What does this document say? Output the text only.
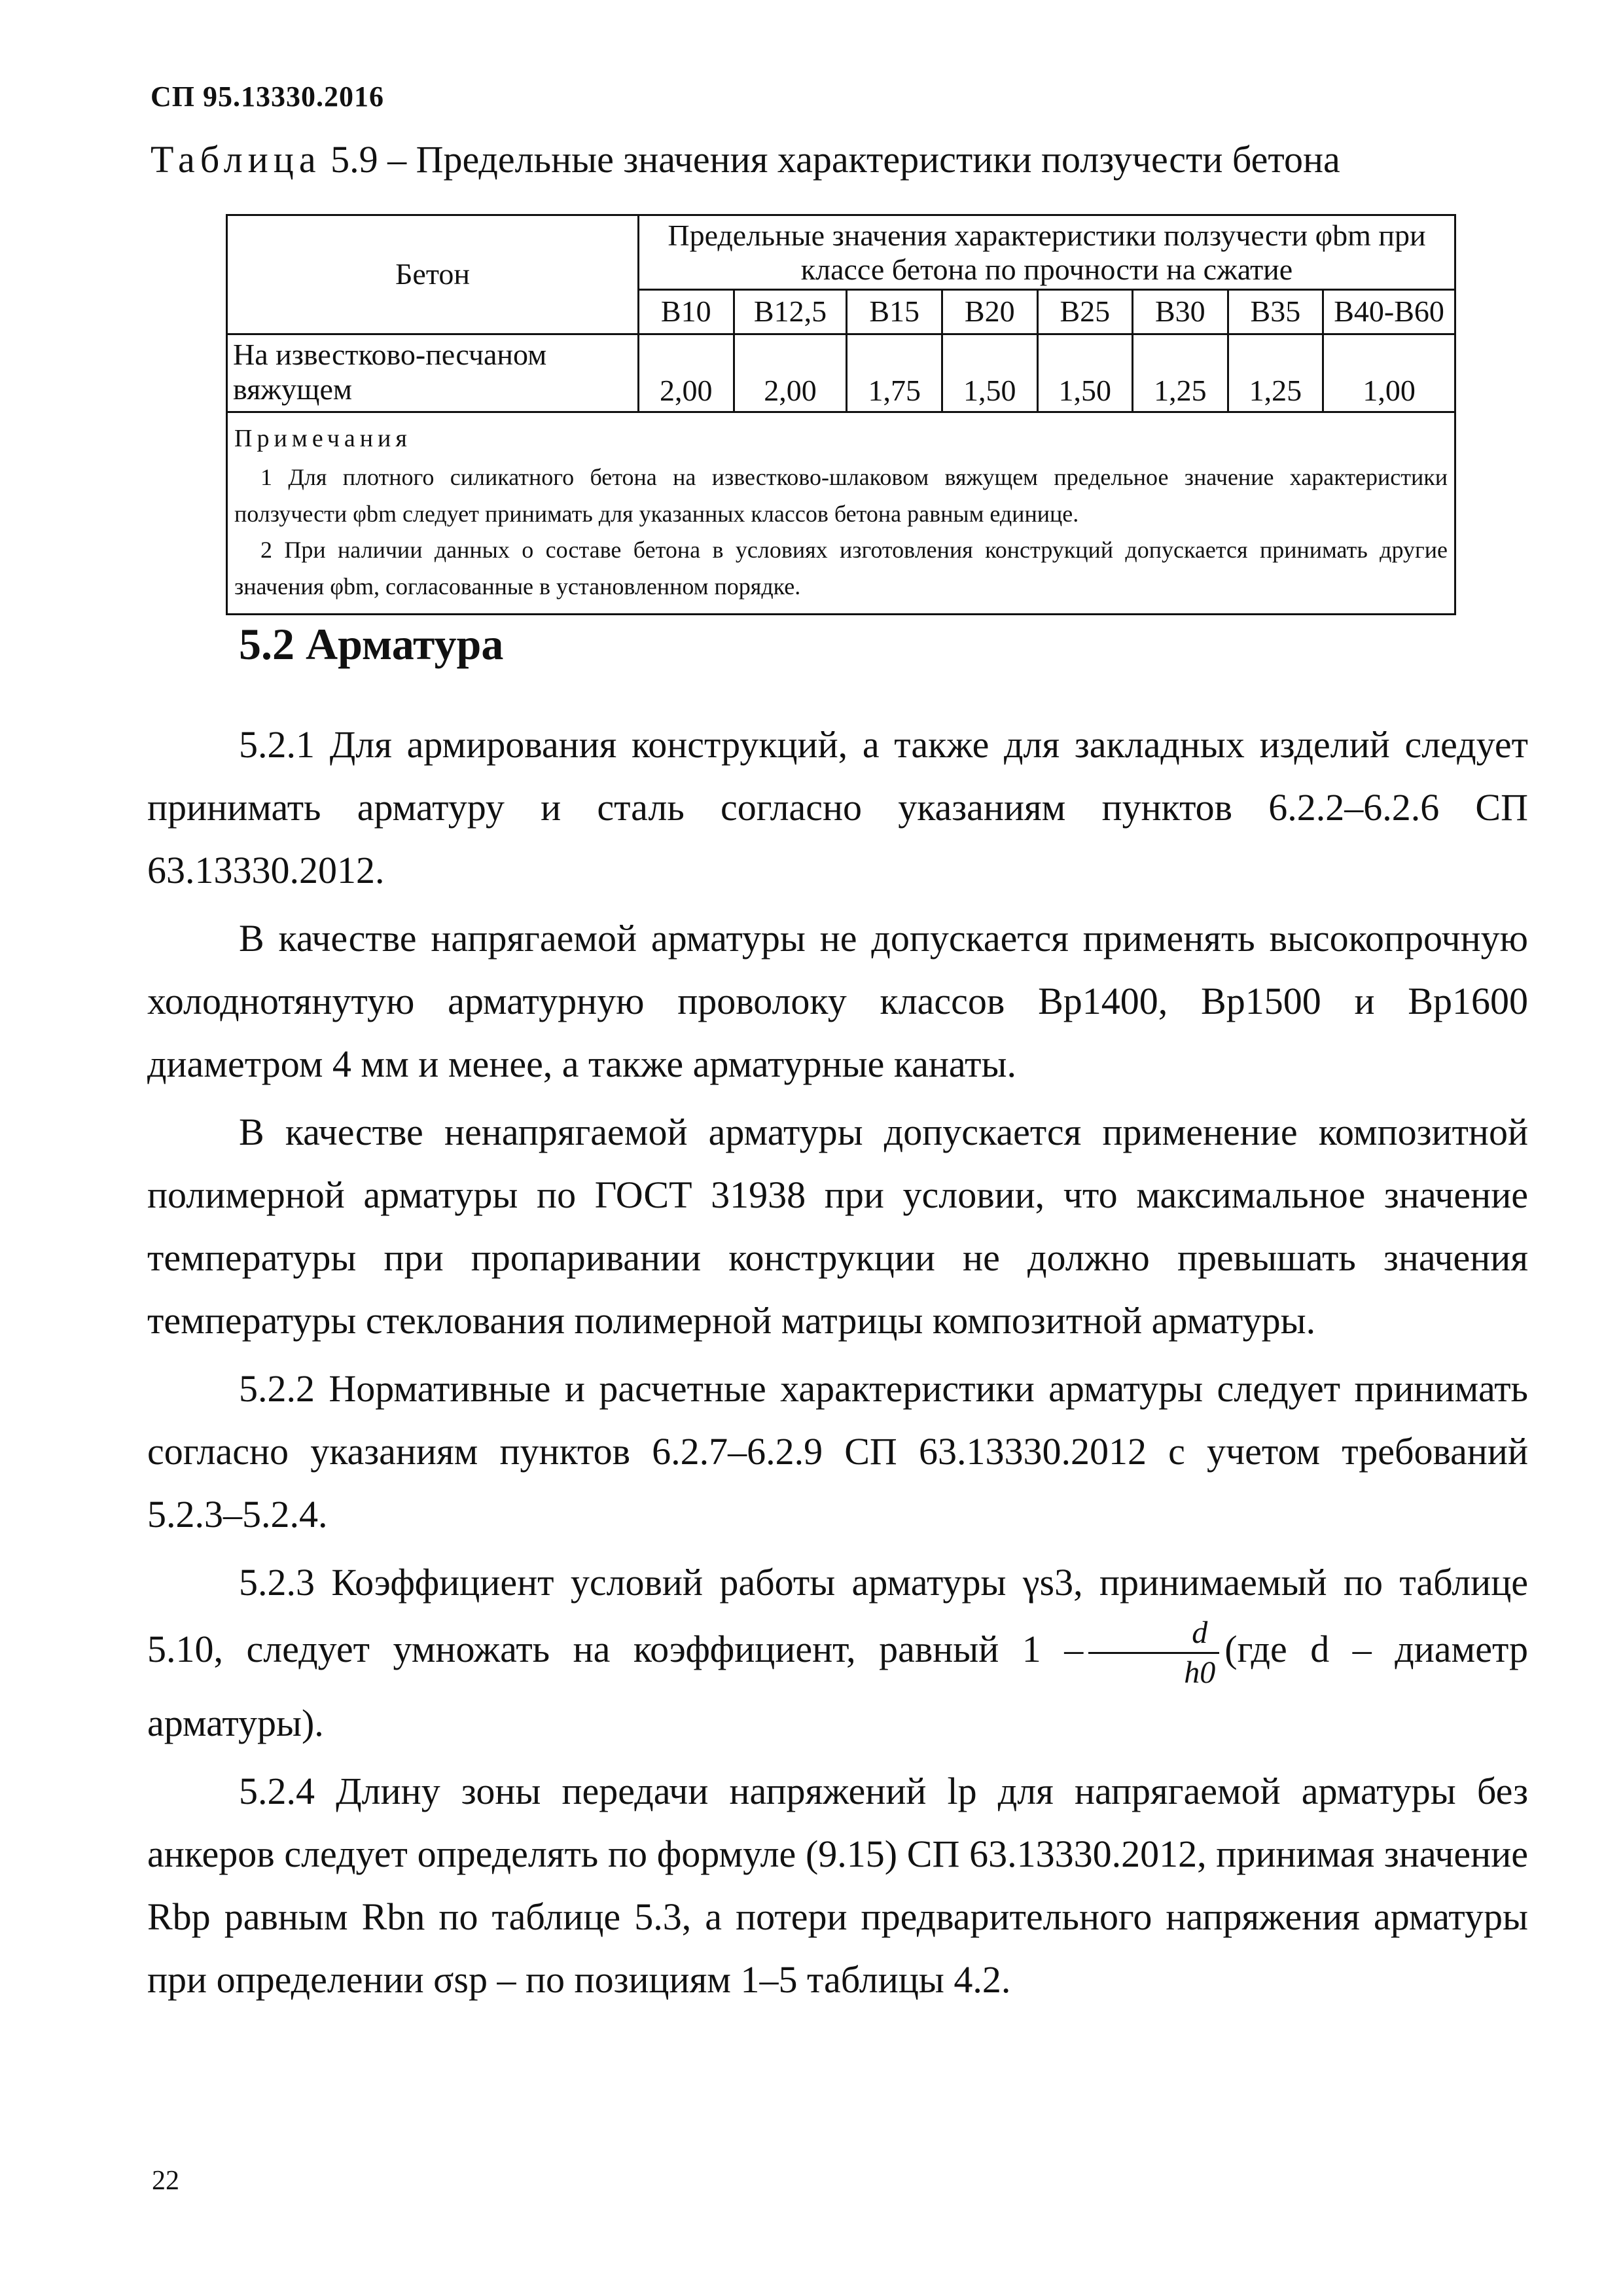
СП 95.13330.2016
Таблица 5.9 – Предельные значения характеристики ползучести бетона
Бетон	Предельные значения характеристики ползучести φbm при классе бетона по прочности на сжатие							
	В10	В12,5	В15	В20	В25	В30	В35	В40-В60
На известково-песчаном вяжущем	2,00	2,00	1,75	1,50	1,50	1,25	1,25	1,00

Примечания
1 Для плотного силикатного бетона на известково-шлаковом вяжущем предельное значение характеристики ползучести φbm следует принимать для указанных классов бетона равным единице.
2 При наличии данных о составе бетона в условиях изготовления конструкций допускается принимать другие значения φbm, согласованные в установленном порядке.								
5.2 Арматура

5.2.1 Для армирования конструкций, а также для закладных изделий следует принимать арматуру и сталь согласно указаниям пунктов 6.2.2–6.2.6 СП 63.13330.2012.

В качестве напрягаемой арматуры не допускается применять высокопрочную холоднотянутую арматурную проволоку классов Вр1400, Вр1500 и Вр1600 диаметром 4 мм и менее, а также арматурные канаты.

В качестве ненапрягаемой арматуры допускается применение композитной полимерной арматуры по ГОСТ 31938 при условии, что максимальное значение температуры при пропаривании конструкции не должно превышать значения температуры стеклования полимерной матрицы композитной арматуры.

5.2.2 Нормативные и расчетные характеристики арматуры следует принимать согласно указаниям пунктов 6.2.7–6.2.9 СП 63.13330.2012 с учетом требований 5.2.3–5.2.4.

5.2.3 Коэффициент условий работы арматуры γs3, принимаемый по таблице 5.10, следует умножать на коэффициент, равный $1 - \frac{d}{h0} (где$ d – диаметр арматуры).

5.2.4 Длину зоны передачи напряжений lp для напрягаемой арматуры без анкеров следует определять по формуле (9.15) СП 63.13330.2012, принимая значение Rbp равным Rbn по таблице 5.3, а потери предварительного напряжения арматуры при определении σsp – по позициям 1–5 таблицы 4.2.

22
